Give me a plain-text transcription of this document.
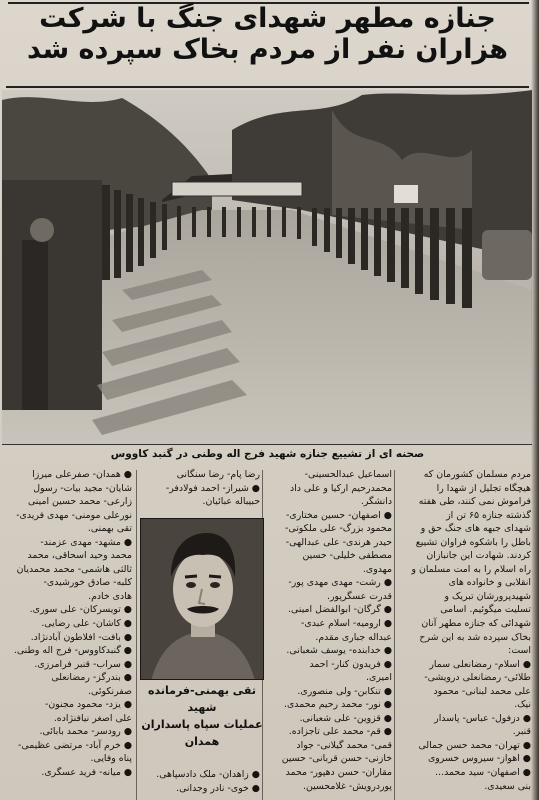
جنازه مطهر شهدای جنگ با شرکت
هزاران نفر از مردم بخاک سپرده شد
صحنه ای از تشییع جنازه شهید فرج اله وطنی در گنبد کاووس
مردم مسلمان کشورمان که
هیچگاه تجلیل از شهدا را
فراموش نمی کنند، طی هفته
گذشته جنازه ۶۵ تن از
شهدای جبهه های جنگ حق و
باطل را باشکوه فراوان تشییع
کردند. شهادت این جانبازان
راه اسلام را به امت مسلمان و
انقلابی و خانواده های
شهیدپرورشان تبریک و
تسلیت میگوئیم. اسامی
شهدائی که جنازه مطهر آنان
بخاک سپرده شد به این شرح
است:
● اسلام- رمضانعلی سمار
طلائی- رمضانعلی درویشی-
علی محمد لبنانی- محمود
نیک.
● دزفول- عباس- پاسدار
قنبر.
● تهران- محمد حسن جمالی
● اهواز- سیروس خسروی
● اصفهان- سید محمد...
بنی سعیدی.
اسماعیل عبدالحسینی-
محمدرحیم ارکیا و علی داد
دانشگر.
● اصفهان- حسین مختاری-
محمود بزرگ- علی ملکوتی-
حیدر هرندی- علی عبدالهی-
مصطفی خلیلی- حسین
مهدوی.
● رشت- مهدی مهدی پور-
قدرت عسگرپور.
● گرگان- ابوالفضل امینی.
● ارومیه- اسلام عبدی-
عبداله جباری مقدم.
● خدابنده- یوسف شعبانی.
● فریدون کنار- احمد
امیری.
● تنکابن- ولی منصوری.
● نور- محمد رحیم محمدی.
● قزوین- علی شعبانی.
● قم- محمد علی تاجزاده.
قمی- محمد گیلانی- جواد
خازنی- حسن قربانی- حسین
مقاران- حسن دهپور- محمد
پوردرویش- غلامحسین.
رضا پام- رضا سنگانی
● شیراز- احمد فولادفر-
حبیباله عبائیان.
تقی بهمنی-فرمانده شهید
عملیات سپاه پاسداران
همدان
● زاهدان- ملک دادسپاهی.
● خوی- نادر وجدانی.
● همدان- صفرعلی میرزا
شایان- مجید بیات- رسول
زارعی- محمد حسین امینی
نورعلی مومنی- مهدی فریدی-
تقی بهمنی.
● مشهد- مهدی عزمند-
محمد وحید اسحاقی، محمد
ثالثی هاشمی- محمد محمدیان
کلبه- صادق خورشیدی-
هادی خادم.
● تویسرکان- علی سوری.
● کاشان- علی رضایی.
● بافت- افلاطون آبادنژاد.
● گنبدکاووس- فرج اله وطنی.
● سراب- قنبر فرامرزی.
● بندرگز- رمضانعلی
صفرنکوئی.
● یزد- محمود مجنون-
علی اصغر نیافنژاده.
● رودسر- محمد بابائی.
● خرم آباد- مرتضی عظیمی-
پناه وفایی.
● میانه- فرید عسگری.
